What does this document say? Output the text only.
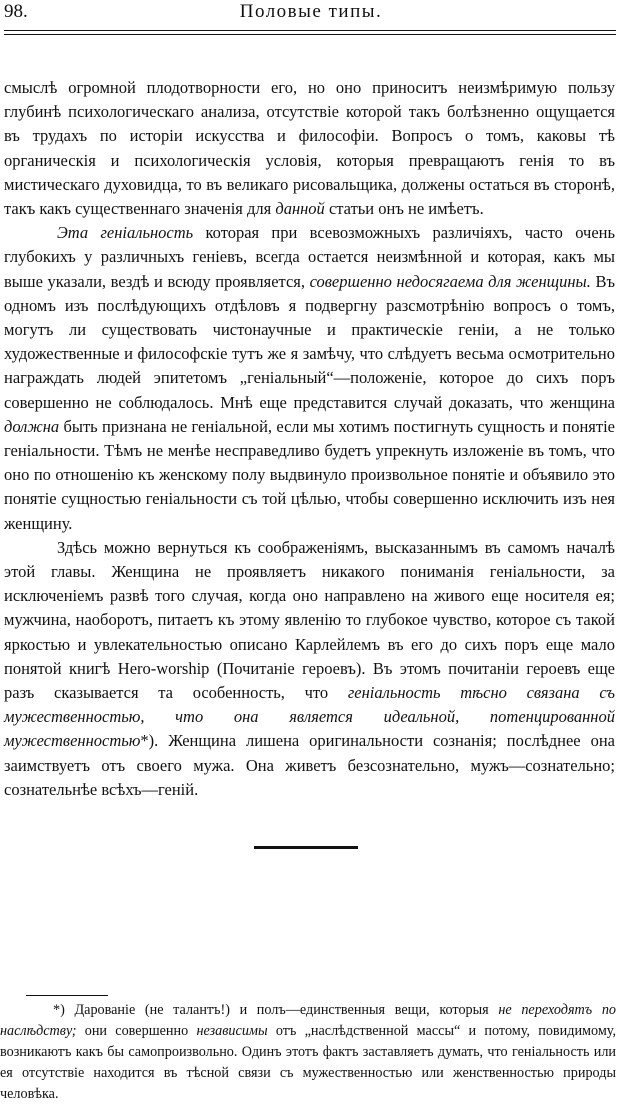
98.	Половые типы.

смыслѣ огромной плодотворности его, но оно приноситъ неизмѣримую пользу глубинѣ психологическаго анализа, отсутствіе которой такъ болѣзненно ощущается въ трудахъ по исторіи искусства и философіи. Вопросъ о томъ, каковы тѣ органическія и психологическія условія, которыя превращаютъ генія то въ мистическаго духовидца, то въ великаго рисовальщика, должены остаться въ сторонѣ, такъ какъ существеннаго значенія для данной статьи онъ не имѣетъ.

Эта геніальность которая при всевозможныхъ различіяхъ, часто очень глубокихъ у различныхъ геніевъ, всегда остается неизмѣнной и которая, какъ мы выше указали, вездѣ и всюду проявляется, совершенно недосягаема для женщины. Въ одномъ изъ послѣдующихъ отдѣловъ я подвергну разсмотрѣнію вопросъ о томъ, могутъ ли существовать чистонаучные и практическіе геніи, а не только художественные и философскіе тутъ же я замѣчу, что слѣдуетъ весьма осмотрительно награждать людей эпитетомъ „геніальный“—положеніе, которое до сихъ поръ совершенно не соблюдалось. Мнѣ еще представится случай доказать, что женщина должна быть признана не геніальной, если мы хотимъ постигнуть сущность и понятіе геніальности. Тѣмъ не менѣе несправедливо будетъ упрекнуть изложеніе въ томъ, что оно по отношенію къ женскому полу выдвинуло произвольное понятіе и объявило это понятіе сущностью геніальности съ той цѣлью, чтобы совершенно исключить изъ нея женщину.

Здѣсь можно вернуться къ соображеніямъ, высказаннымъ въ самомъ началѣ этой главы. Женщина не проявляетъ никакого пониманія геніальности, за исключеніемъ развѣ того случая, когда оно направлено на живого еще носителя ея; мужчина, наоборотъ, питаетъ къ этому явленію то глубокое чувство, которое съ такой яркостью и увлекательностью описано Карлейлемъ въ его до сихъ поръ еще мало понятой книгѣ Hero-worship (Почитаніе героевъ). Въ этомъ почитаніи героевъ еще разъ сказывается та особенность, что геніальность тѣсно связана съ мужественностью, что она является идеальной, потенцированной мужественностью*). Женщина лишена оригинальности сознанія; послѣднее она заимствуетъ отъ своего мужа. Она живетъ безсознательно, мужъ—сознательно; сознательнѣе всѣхъ—геній.

*) Дарованіе (не талантъ!) и полъ—единственныя вещи, которыя не переходятъ по наслѣдству; они совершенно независимы отъ „наслѣдственной массы“ и потому, повидимому, возникаютъ какъ бы самопроизвольно. Одинъ этотъ фактъ заставляетъ думать, что геніальность или ея отсутствіе находится въ тѣсной связи съ мужественностью или женственностью природы человѣка.
